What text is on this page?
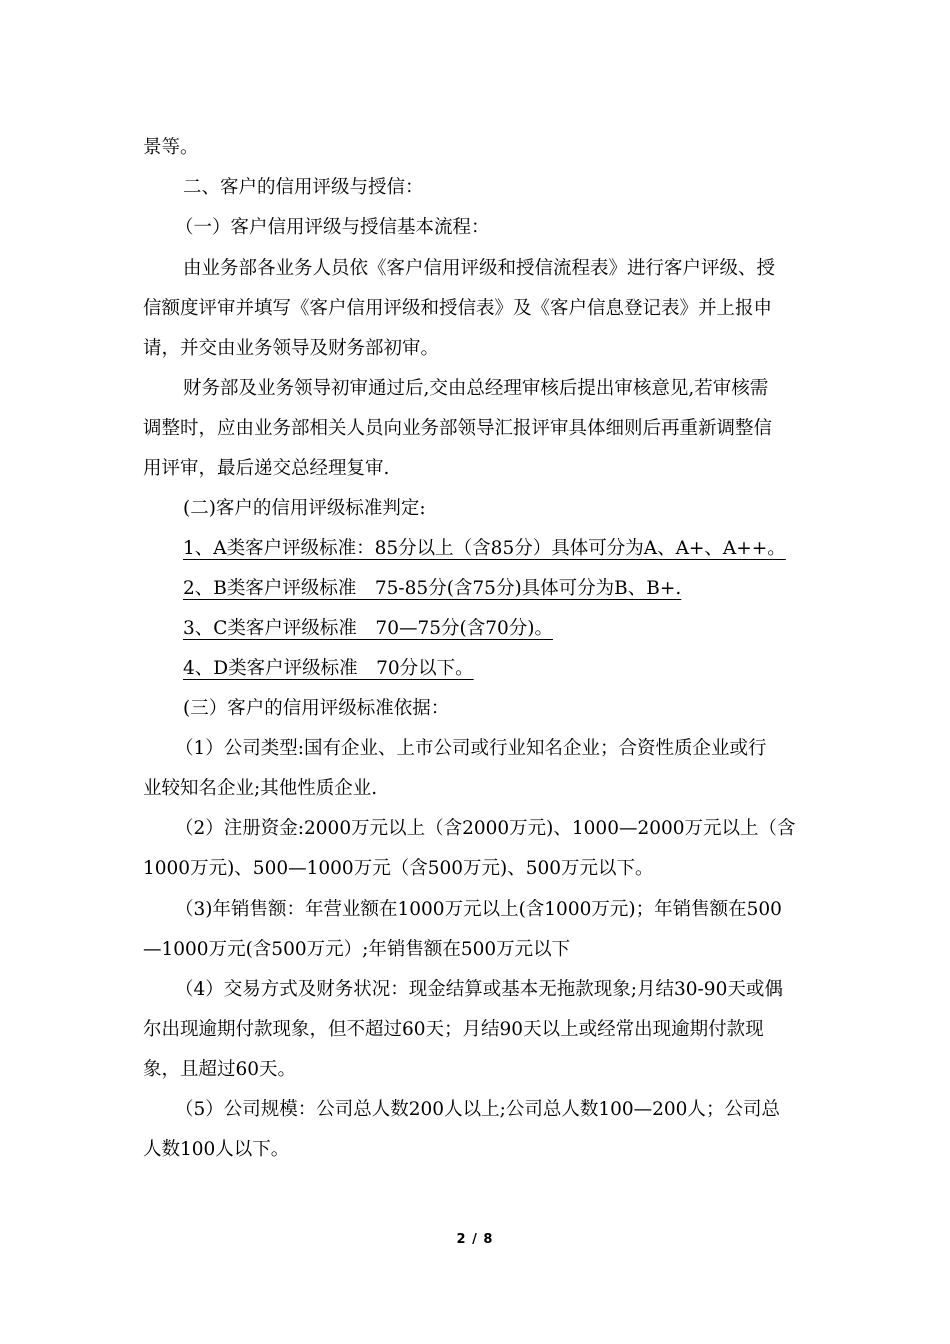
景等。
二、客户的信用评级与授信：
（一）客户信用评级与授信基本流程：
由业务部各业务人员依《客户信用评级和授信流程表》进行客户评级、授
信额度评审并填写《客户信用评级和授信表》及《客户信息登记表》并上报申
请，并交由业务领导及财务部初审。
财务部及业务领导初审通过后,交由总经理审核后提出审核意见,若审核需
调整时，应由业务部相关人员向业务部领导汇报评审具体细则后再重新调整信
用评审，最后递交总经理复审.
(二)客户的信用评级标准判定:
1、A类客户评级标准：85分以上（含85分）具体可分为A、A+、A++。
2、B类客户评级标准　75-85分(含75分)具体可分为B、B+.
3、C类客户评级标准　70—75分(含70分)。
4、D类客户评级标准　70分以下。
(三）客户的信用评级标准依据：
（1）公司类型:国有企业、上市公司或行业知名企业；合资性质企业或行
业较知名企业;其他性质企业.
（2）注册资金:2000万元以上（含2000万元)、1000—2000万元以上（含
1000万元)、500—1000万元（含500万元)、500万元以下。
（3)年销售额：年营业额在1000万元以上(含1000万元)；年销售额在500
—1000万元(含500万元）;年销售额在500万元以下
（4）交易方式及财务状况：现金结算或基本无拖款现象;月结30-90天或偶
尔出现逾期付款现象，但不超过60天；月结90天以上或经常出现逾期付款现
象，且超过60天。
（5）公司规模：公司总人数200人以上;公司总人数100—200人；公司总
人数100人以下。
2 / 8
